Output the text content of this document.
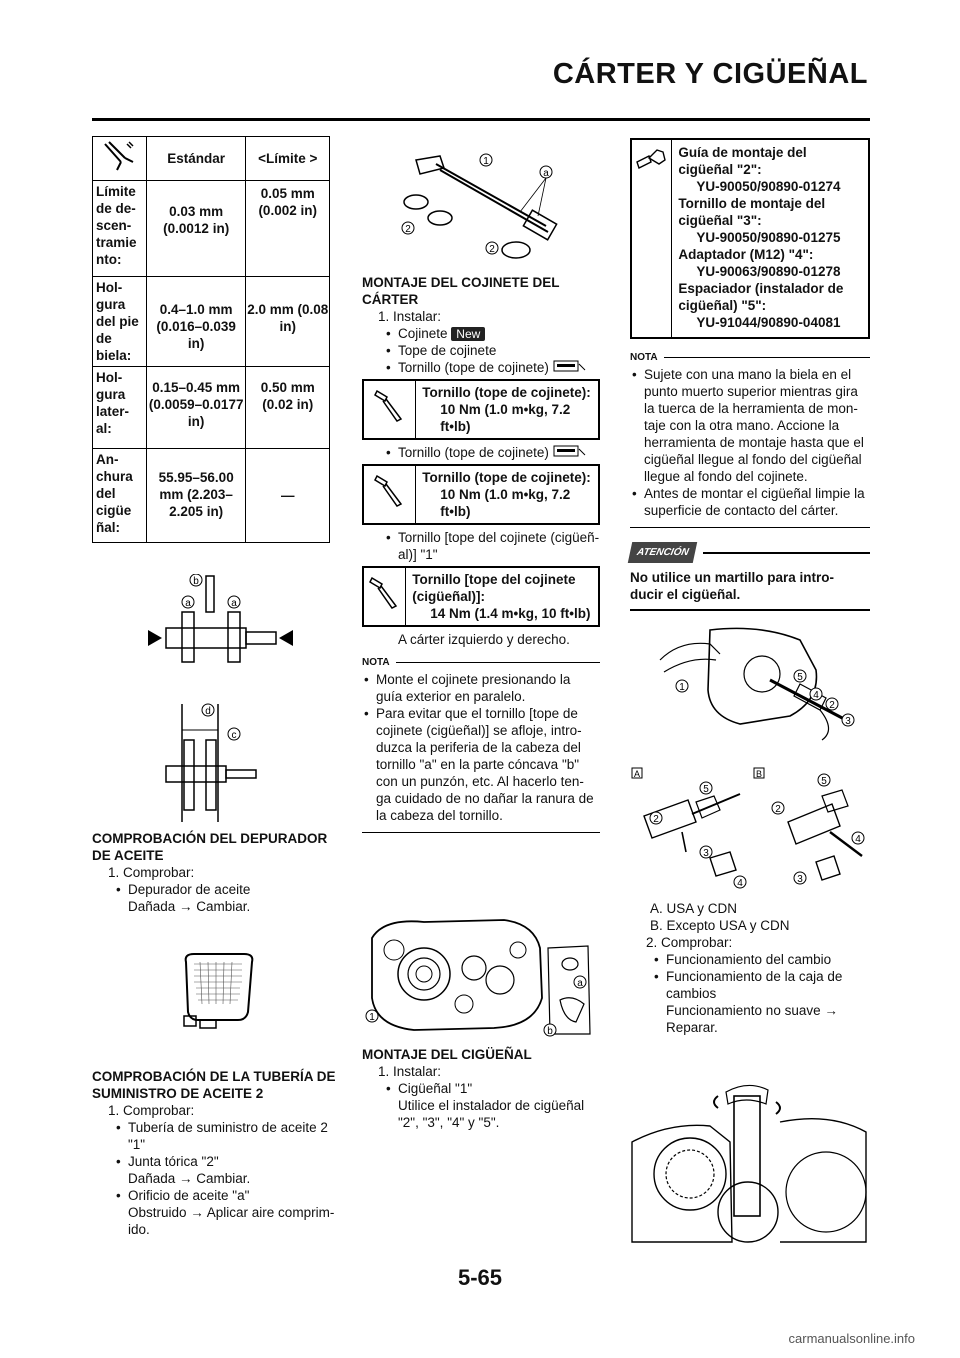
CÁRTER Y CIGÜEÑAL
	Estándar	<Límite >
Límite de de- scen- tramie nto:	0.03 mm (0.0012 in)	0.05 mm (0.002 in)
Hol- gura del pie de biela:	0.4–1.0 mm (0.016–0.039 in)	2.0 mm (0.08 in)
Hol- gura later- al:	0.15–0.45 mm (0.0059–0.0177 in)	0.50 mm (0.02 in)
An- chura del cigüe ñal:	55.95–56.00 mm (2.203–2.205 in)	—
a	a
b
d
c
COMPROBACIÓN DEL DEPURADOR DE ACEITE
1. Comprobar:
• Depurador de aceite
Dañada → Cambiar.
COMPROBACIÓN DE LA TUBERÍA DE SUMINISTRO DE ACEITE 2
1. Comprobar:
• Tubería de suministro de aceite 2 "1"
• Junta tórica "2"
Dañada → Cambiar.
• Orificio de aceite "a"
Obstruido → Aplicar aire comprim- ido.
1
a
2
2
MONTAJE DEL COJINETE DEL CÁRTER
1. Instalar:
• Cojinete New
• Tope de cojinete
• Tornillo (tope de cojinete)
Tornillo (tope de cojinete):
10 Nm (1.0 m•kg, 7.2 ft•lb)
• Tornillo (tope de cojinete)
Tornillo (tope de cojinete):
10 Nm (1.0 m•kg, 7.2 ft•lb)
• Tornillo [tope del cojinete (cigüeñ- al)] "1"
Tornillo [tope del cojinete (cigüeñal)]:
14 Nm (1.4 m•kg, 10 ft•lb)
A cárter izquierdo y derecho.
NOTA
• Monte el cojinete presionando la guía exterior en paralelo.
• Para evitar que el tornillo [tope de cojinete (cigüeñal)] se afloje, intro- duzca la periferia de la cabeza del tornillo "a" en la parte cóncava "b" con un punzón, etc. Al hacerlo ten- ga cuidado de no dañar la ranura de la cabeza del tornillo.
1
a
b
MONTAJE DEL CIGÜEÑAL
1. Instalar:
• Cigüeñal "1"
Utilice el instalador de cigüeñal "2", "3", "4" y "5".
Guía de montaje del cigüeñal "2":
YU-90050/90890-01274
Tornillo de montaje del cigüeñal "3":
YU-90050/90890-01275
Adaptador (M12) "4":
YU-90063/90890-01278
Espaciador (instalador de cigüeñal) "5":
YU-91044/90890-04081
NOTA
• Sujete con una mano la biela en el punto muerto superior mientras gira la tuerca de la herramienta de mon- taje con la otra mano. Accione la herramienta de montaje hasta que el cigüeñal llegue al fondo del cigüeñal llegue al fondo del cojinete.
• Antes de montar el cigüeñal limpie la superficie de contacto del cárter.
ATENCIÓN
No utilice un martillo para intro- ducir el cigüeñal.
1
5
4
2
3
A	B
5
2
3
4
5
2
4
3
A. USA y CDN
B. Excepto USA y CDN
2. Comprobar:
• Funcionamiento del cambio
• Funcionamiento de la caja de cambios
Funcionamiento no suave →
Reparar.
5-65
carmanualsonline.info
